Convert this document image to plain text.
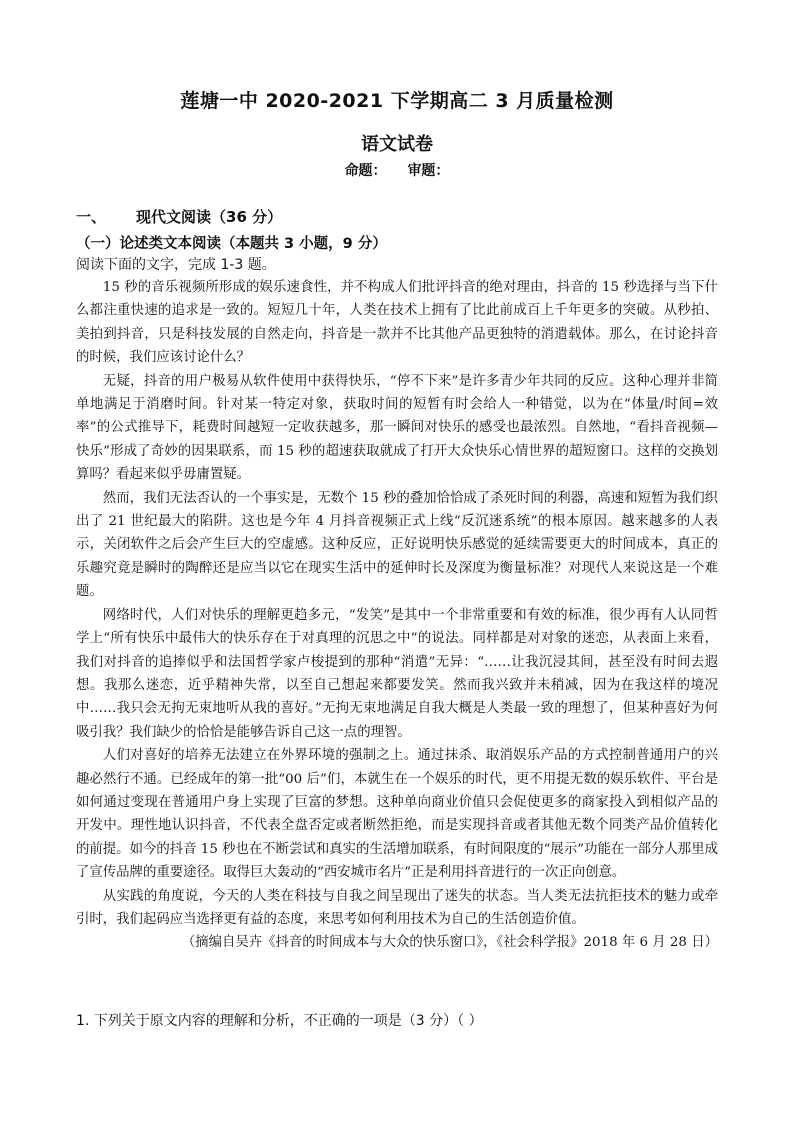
莲塘一中 2020-2021 下学期高二 3 月质量检测
语文试卷
命题： 审题：
一、 现代文阅读（36 分）
（一）论述类文本阅读（本题共 3 小题，9 分）
阅读下面的文字，完成 1-3 题。

15 秒的音乐视频所形成的娱乐速食性，并不构成人们批评抖音的绝对理由，抖音的 15 秒选择与当下什么都注重快速的追求是一致的。短短几十年，人类在技术上拥有了比此前成百上千年更多的突破。从秒拍、美拍到抖音，只是科技发展的自然走向，抖音是一款并不比其他产品更独特的消遣载体。那么，在讨论抖音的时候，我们应该讨论什么？

无疑，抖音的用户极易从软件使用中获得快乐，“停不下来”是许多青少年共同的反应。这种心理并非简单地满足于消磨时间。针对某一特定对象，获取时间的短暂有时会给人一种错觉，以为在“体量/时间=效率”的公式推导下，耗费时间越短一定收获越多，那一瞬间对快乐的感受也最浓烈。自然地，“看抖音视频—快乐”形成了奇妙的因果联系，而 15 秒的超速获取就成了打开大众快乐心情世界的超短窗口。这样的交换划算吗？看起来似乎毋庸置疑。

然而，我们无法否认的一个事实是，无数个 15 秒的叠加恰恰成了杀死时间的利器，高速和短暂为我们织出了 21 世纪最大的陷阱。这也是今年 4 月抖音视频正式上线“反沉迷系统”的根本原因。越来越多的人表示，关闭软件之后会产生巨大的空虚感。这种反应，正好说明快乐感觉的延续需要更大的时间成本，真正的乐趣究竟是瞬时的陶醉还是应当以它在现实生活中的延伸时长及深度为衡量标准？对现代人来说这是一个难题。

网络时代，人们对快乐的理解更趋多元，“发笑”是其中一个非常重要和有效的标准，很少再有人认同哲学上“所有快乐中最伟大的快乐存在于对真理的沉思之中”的说法。同样都是对对象的迷恋，从表面上来看，我们对抖音的追捧似乎和法国哲学家卢梭提到的那种“消遣”无异：“……让我沉浸其间，甚至没有时间去遐想。我那么迷恋，近乎精神失常，以至自己想起来都要发笑。然而我兴致并未稍减，因为在我这样的境况中……我只会无拘无束地听从我的喜好。”无拘无束地满足自我大概是人类最一致的理想了，但某种喜好为何吸引我？我们缺少的恰恰是能够告诉自己这一点的理智。

人们对喜好的培养无法建立在外界环境的强制之上。通过抹杀、取消娱乐产品的方式控制普通用户的兴趣必然行不通。已经成年的第一批“00 后”们，本就生在一个娱乐的时代，更不用提无数的娱乐软件、平台是如何通过变现在普通用户身上实现了巨富的梦想。这种单向商业价值只会促使更多的商家投入到相似产品的开发中。理性地认识抖音，不代表全盘否定或者断然拒绝，而是实现抖音或者其他无数个同类产品价值转化的前提。如今的抖音 15 秒也在不断尝试和真实的生活增加联系，有时间限度的“展示”功能在一部分人那里成了宣传品牌的重要途径。取得巨大轰动的“西安城市名片”正是利用抖音进行的一次正向创意。

从实践的角度说，今天的人类在科技与自我之间呈现出了迷失的状态。当人类无法抗拒技术的魅力或牵引时，我们起码应当选择更有益的态度，来思考如何利用技术为自己的生活创造价值。

（摘编自吴卉《抖音的时间成本与大众的快乐窗口》，《社会科学报》2018 年 6 月 28 日）

1. 下列关于原文内容的理解和分析，不正确的一项是（3 分）（ ）
